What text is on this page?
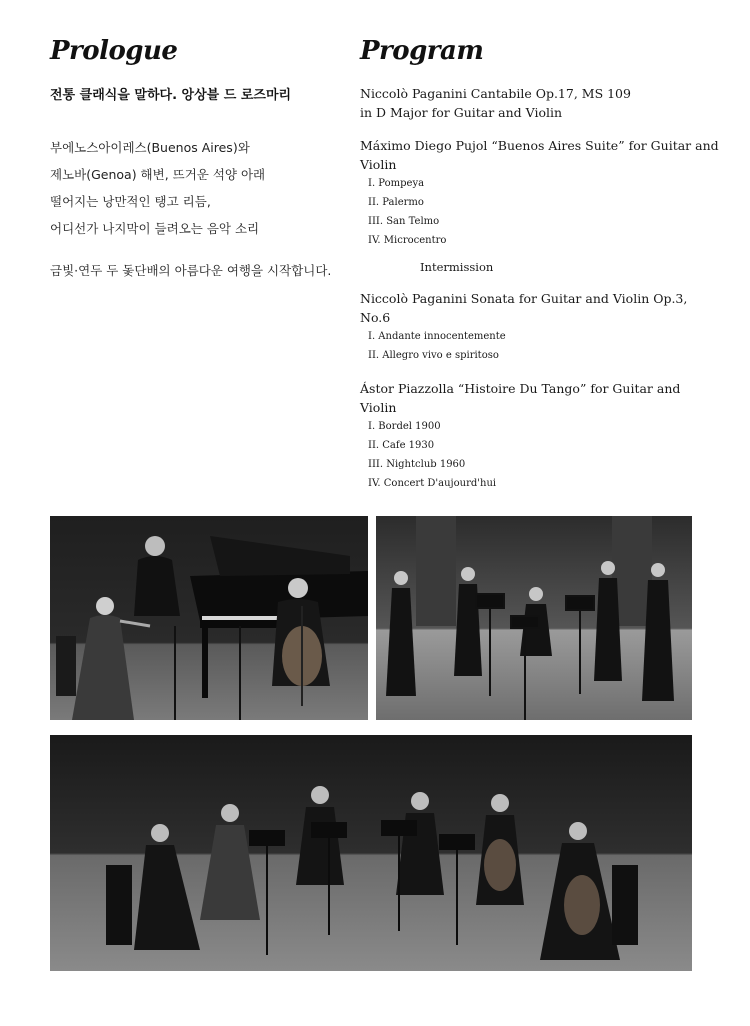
Prologue
전통 클래식을 말하다. 앙상블 드 로즈마리
부에노스아이레스(Buenos Aires)와
제노바(Genoa) 해변, 뜨거운 석양 아래
떨어지는 낭만적인 탱고 리듬,
어디선가 나지막이 들려오는 음악 소리
금빛·연두 두 돛단배의 아름다운 여행을 시작합니다.
Program
Niccolò Paganini Cantabile Op.17, MS 109
in D Major for Guitar and Violin
Máximo Diego Pujol “Buenos Aires Suite” for Guitar and Violin
I. Pompeya
II. Palermo
III. San Telmo
IV. Microcentro
Intermission
Niccolò Paganini Sonata for Guitar and Violin Op.3, No.6
I. Andante innocentemente
II. Allegro vivo e spiritoso
Ástor Piazzolla “Histoire Du Tango” for Guitar and Violin
I. Bordel 1900
II. Cafe 1930
III. Nightclub 1960
IV. Concert D'aujourd'hui
